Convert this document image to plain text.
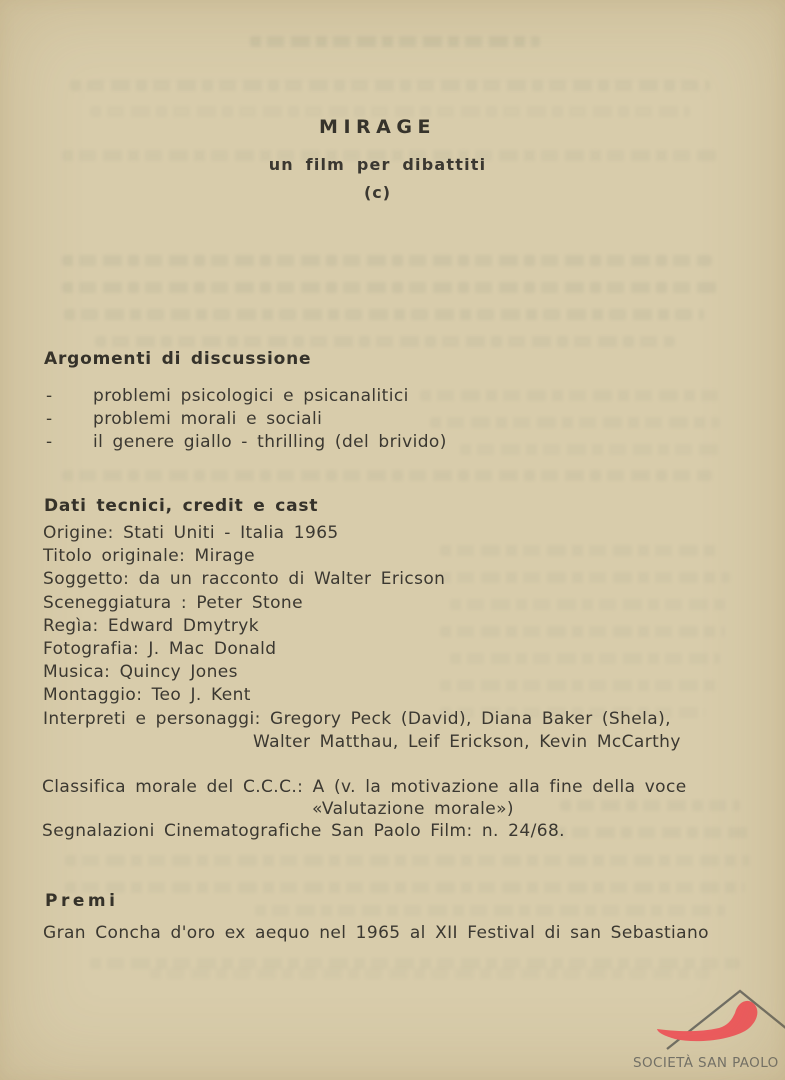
MIRAGE
un film per dibattiti
(c)
Argomenti di discussione
- problemi psicologici e psicanalitici
- problemi morali e sociali
- il genere giallo - thrilling (del brivido)
Dati tecnici, credit e cast
Origine: Stati Uniti - Italia 1965
Titolo originale: Mirage
Soggetto: da un racconto di Walter Ericson
Sceneggiatura : Peter Stone
Regìa: Edward Dmytryk
Fotografia: J. Mac Donald
Musica: Quincy Jones
Montaggio: Teo J. Kent
Interpreti e personaggi: Gregory Peck (David), Diana Baker (Shela),
Walter Matthau, Leif Erickson, Kevin McCarthy
Classifica morale del C.C.C.: A (v. la motivazione alla fine della voce
«Valutazione morale»)
Segnalazioni Cinematografiche San Paolo Film: n. 24/68.
Premi
Gran Concha d'oro ex aequo nel 1965 al XII Festival di san Sebastiano
SOCIETÀ SAN PAOLO
